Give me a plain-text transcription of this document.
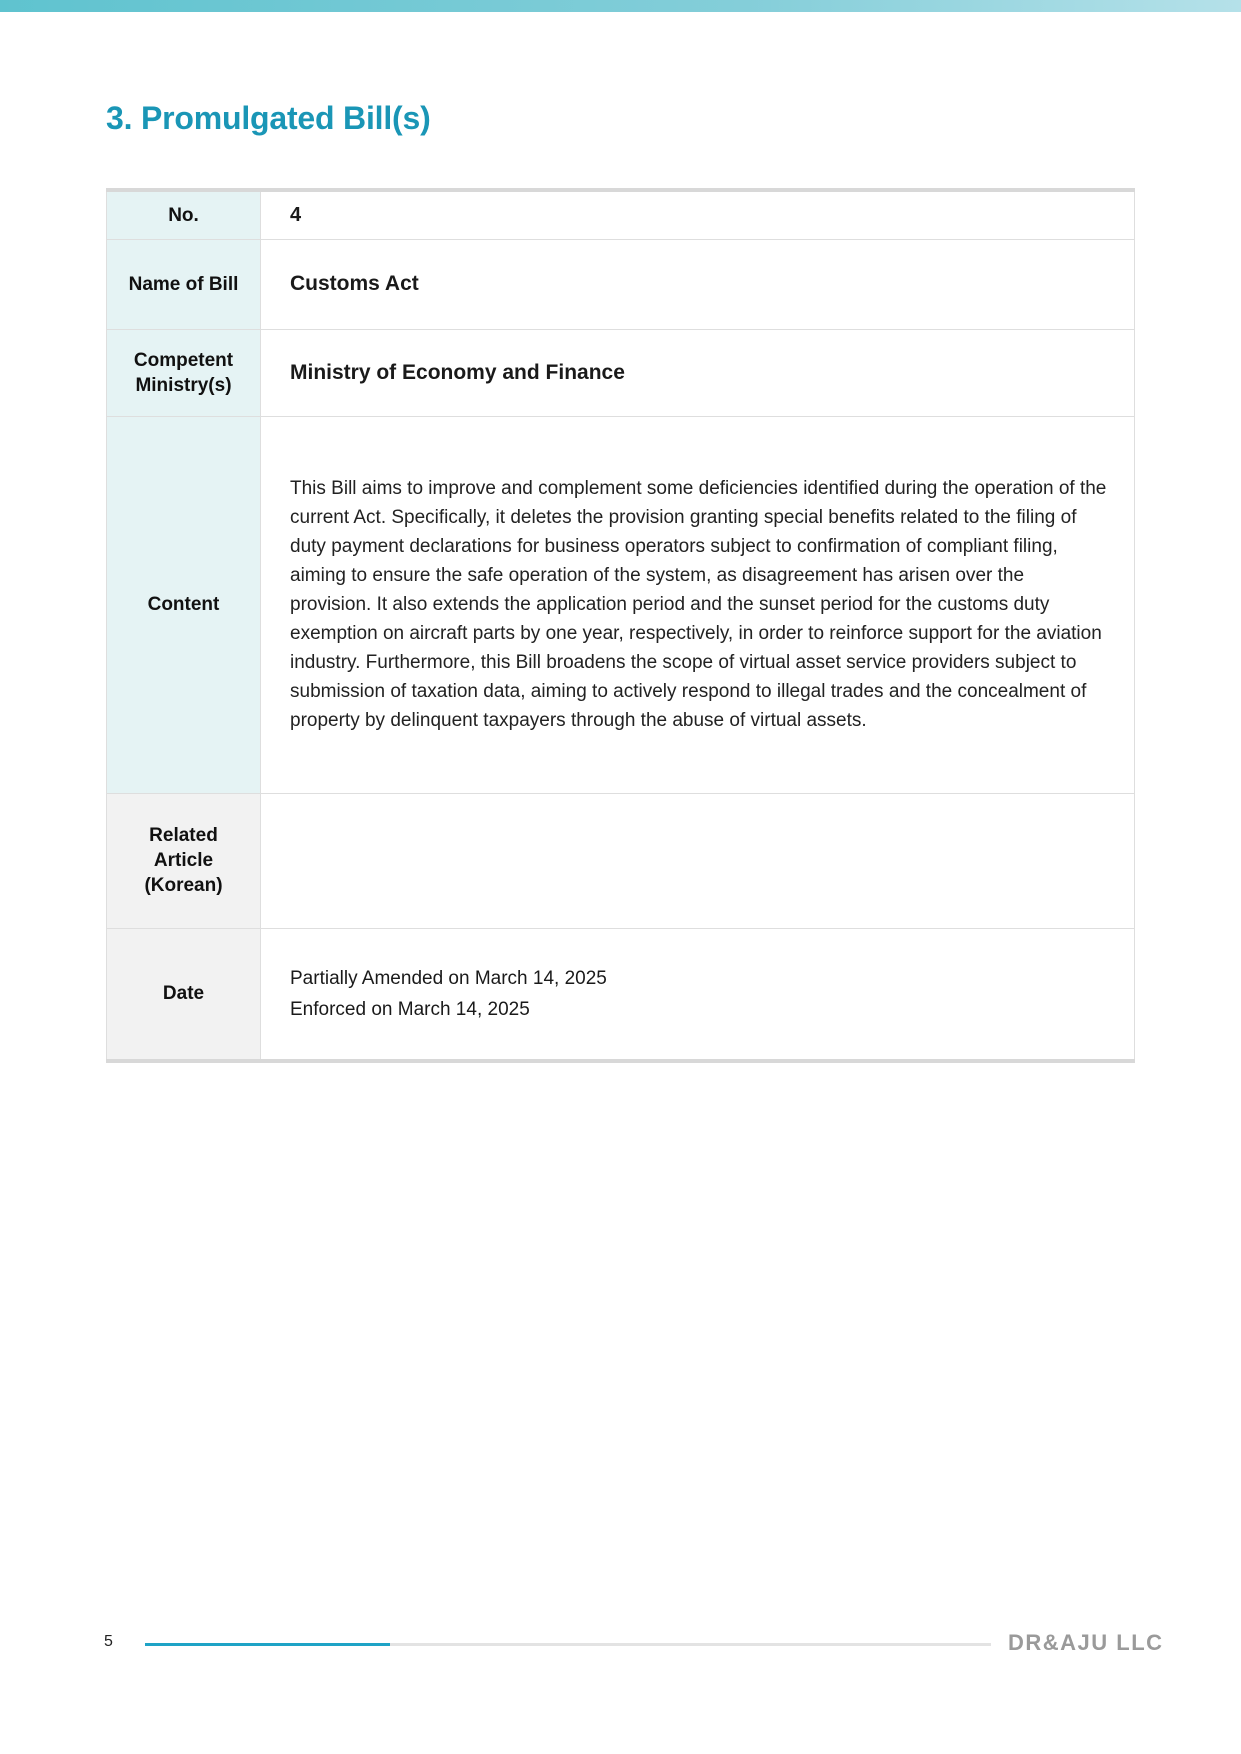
3. Promulgated Bill(s)
No.	4
Name of Bill	Customs Act
Competent Ministry(s)	Ministry of Economy and Finance
Content	This Bill aims to improve and complement some deficiencies identified during the operation of the current Act. Specifically, it deletes the provision granting special benefits related to the filing of duty payment declarations for business operators subject to confirmation of compliant filing, aiming to ensure the safe operation of the system, as disagreement has arisen over the provision. It also extends the application period and the sunset period for the customs duty exemption on aircraft parts by one year, respectively, in order to reinforce support for the aviation industry. Furthermore, this Bill broadens the scope of virtual asset service providers subject to submission of taxation data, aiming to actively respond to illegal trades and the concealment of property by delinquent taxpayers through the abuse of virtual assets.

Related Article (Korean)	
Date	Partially Amended on March 14, 2025
Enforced on March 14, 2025
5	DR&AJU LLC
